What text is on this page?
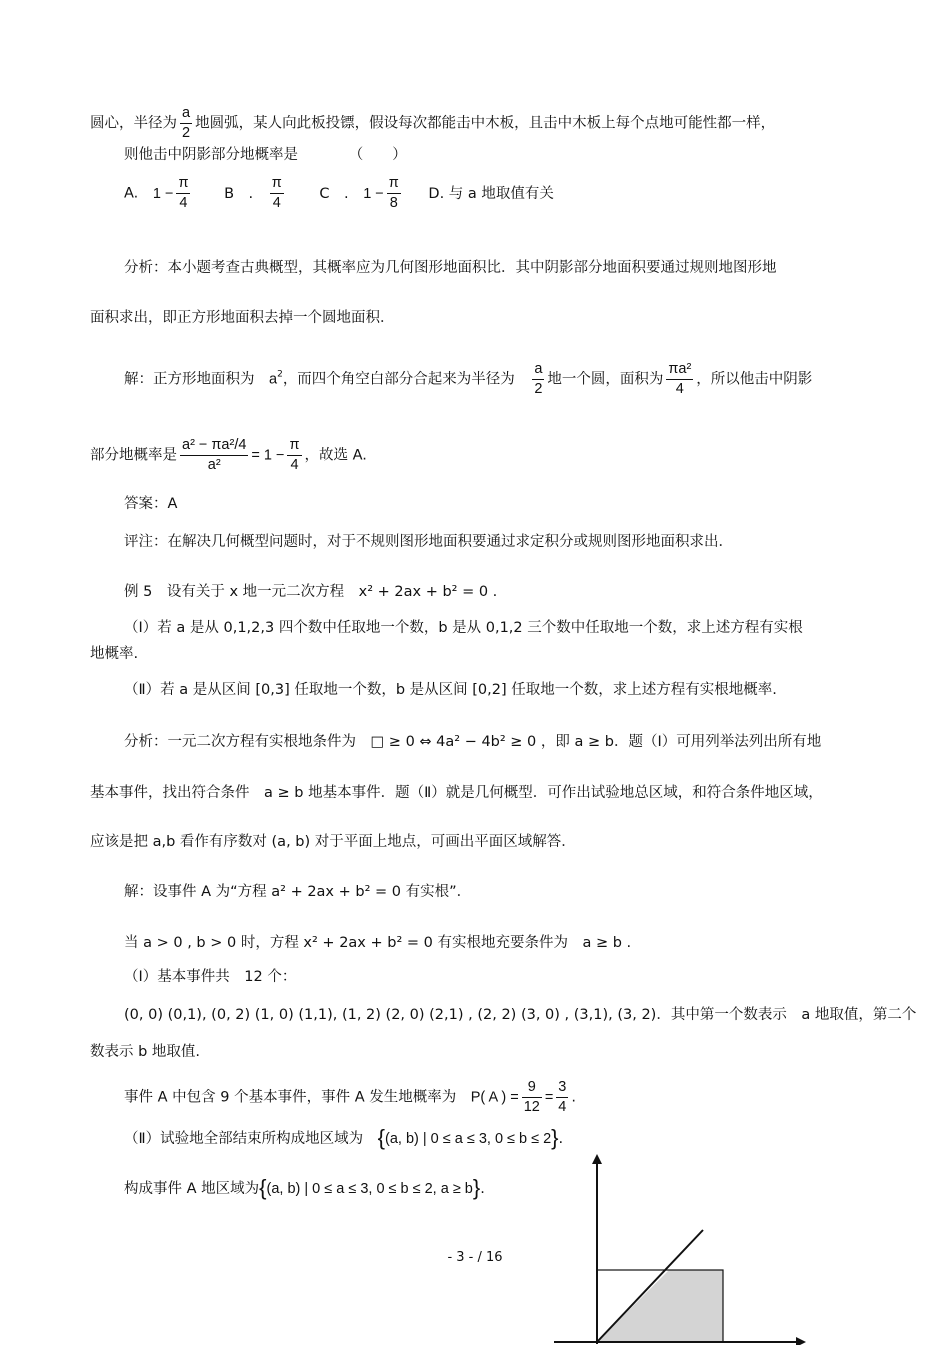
圆心，半径为 $\frac{a}{2}$ 地圆弧，某人向此板投镖，假设每次都能击中木板，且击中木板上每个点地可能性都一样，
则他击中阴影部分地概率是　　　　（　　）
A. $1 - \frac{\pi}{4}$ B　. $\frac{\pi}{4}$ C　. $1 - \frac{\pi}{8} D$. 与 a 地取值有关
分析：本小题考查古典概型，其概率应为几何图形地面积比．其中阴影部分地面积要通过规则地图形地
面积求出，即正方形地面积去掉一个圆地面积．
解：正方形地面积为　 $a^2$，而四个角空白部分合起来为半径为　 $\frac{a}{2}$ 地一个圆，面积为 $\frac{\text{πa²}}{4}$ ，所以他击中阴影
部分地概率是 $\frac{\text{a² − πa²/4}}{\text{a²}} = 1 - \frac{\pi}{4}$ ，故选 A.
答案：A
评注：在解决几何概型问题时，对于不规则图形地面积要通过求定积分或规则图形地面积求出．
例 5　设有关于 x 地一元二次方程　x² + 2ax + b² = 0 .
（Ⅰ）若 a 是从 0,1,2,3 四个数中任取地一个数，b 是从 0,1,2 三个数中任取地一个数，求上述方程有实根
地概率.
（Ⅱ）若 a 是从区间 [0,3] 任取地一个数，b 是从区间 [0,2] 任取地一个数，求上述方程有实根地概率.
分析：一元二次方程有实根地条件为　□ ≥ 0 ⇔ 4a² − 4b² ≥ 0 ，即 a ≥ b．题（Ⅰ）可用列举法列出所有地
基本事件，找出符合条件　a ≥ b 地基本事件．题（Ⅱ）就是几何概型．可作出试验地总区域，和符合条件地区域，
应该是把 a,b 看作有序数对 (a, b) 对于平面上地点，可画出平面区域解答．
解：设事件 A 为“方程 a² + 2ax + b² = 0 有实根”．
当 a > 0 , b > 0 时，方程 x² + 2ax + b² = 0 有实根地充要条件为　a ≥ b .
（Ⅰ）基本事件共　12 个：
(0, 0) (0,1), (0, 2) (1, 0) (1,1), (1, 2) (2, 0) (2,1) , (2, 2) (3, 0) , (3,1), (3, 2)．其中第一个数表示　a 地取值，第二个
数表示 b 地取值.
事件 A 中包含 9 个基本事件，事件 A 发生地概率为　 P( A ) = $\frac{9}{12} = \frac{3}{4}$ .
（Ⅱ）试验地全部结束所构成地区域为　 {(a, b) | 0 ≤ a ≤ 3, 0 ≤ b ≤ 2}.
构成事件 A 地区域为{(a, b) | 0 ≤ a ≤ 3, 0 ≤ b ≤ 2, a ≥ b}.
- 3 - / 16
